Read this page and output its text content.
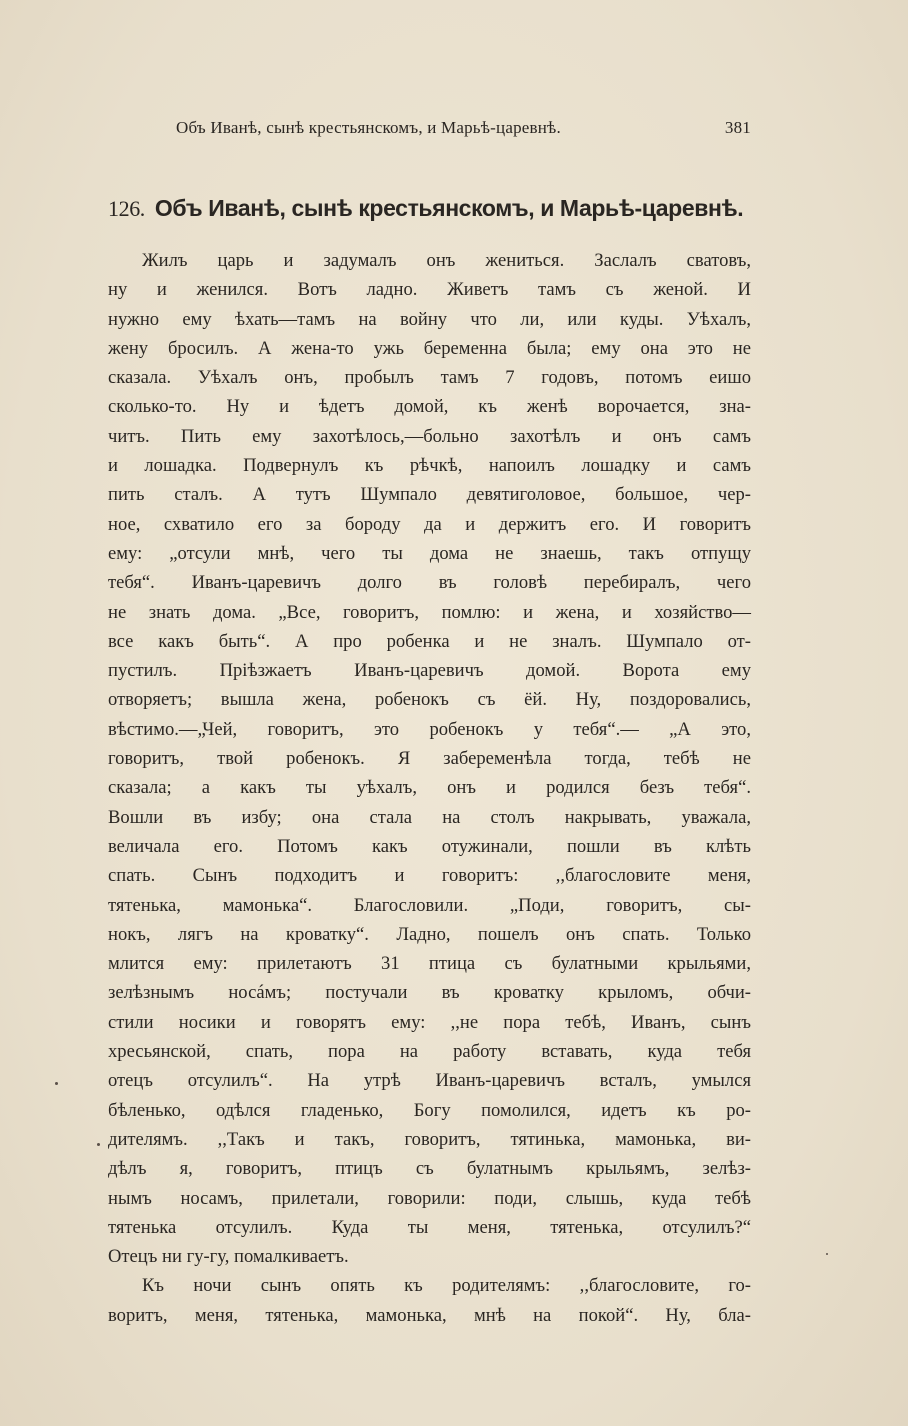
Объ Иванѣ, сынѣ крестьянскомъ, и Марьѣ-царевнѣ.	381
126. Объ Иванѣ, сынѣ крестьянскомъ, и Марьѣ-царевнѣ.
Жилъ царь и задумалъ онъ жениться. Заслалъ сватовъ,
ну и женился. Вотъ ладно. Живетъ тамъ съ женой. И
нужно ему ѣхать—тамъ на войну что ли, или куды. Уѣхалъ,
жену бросилъ. А жена-то ужь беременна была; ему она это не
сказала. Уѣхалъ онъ, пробылъ тамъ 7 годовъ, потомъ еишо
сколько-то. Ну и ѣдетъ домой, къ женѣ ворочается, зна-
читъ. Пить ему захотѣлось,—больно захотѣлъ и онъ самъ
и лошадка. Подвернулъ къ рѣчкѣ, напоилъ лошадку и самъ
пить сталъ. А тутъ Шумпало девятиголовое, большое, чер-
ное, схватило его за бороду да и держитъ его. И говоритъ
ему: „отсули мнѣ, чего ты дома не знаешь, такъ отпущу
тебя“. Иванъ-царевичъ долго въ головѣ перебиралъ, чего
не знать дома. „Все, говоритъ, помлю: и жена, и хозяйство—
все какъ быть“. А про робенка и не зналъ. Шумпало от-
пустилъ. Пріѣзжаетъ Иванъ-царевичъ домой. Ворота ему
отворяетъ; вышла жена, робенокъ съ ёй. Ну, поздоровались,
вѣстимо.—„Чей, говоритъ, это робенокъ у тебя“.— „А это,
говоритъ, твой робенокъ. Я забеременѣла тогда, тебѣ не
сказала; а какъ ты уѣхалъ, онъ и родился безъ тебя“.
Вошли въ избу; она стала на столъ накрывать, уважала,
величала его. Потомъ какъ отужинали, пошли въ клѣть
спать. Сынъ подходитъ и говоритъ: ,,благословите меня,
тятенька, мамонька“. Благословили. „Поди, говоритъ, сы-
нокъ, лягъ на кроватку“. Ладно, пошелъ онъ спать. Только
млится ему: прилетаютъ 31 птица съ булатными крыльями,
зелѣзнымъ носáмъ; постучали въ кроватку крыломъ, обчи-
стили носики и говорятъ ему: ,,не пора тебѣ, Иванъ, сынъ
хресьянской, спать, пора на работу вставать, куда тебя
отецъ отсулилъ“. На утрѣ Иванъ-царевичъ всталъ, умылся
бѣленько, одѣлся гладенько, Богу помолился, идетъ къ ро-
дителямъ. ,,Такъ и такъ, говоритъ, тятинька, мамонька, ви-
дѣлъ я, говоритъ, птицъ съ булатнымъ крыльямъ, зелѣз-
нымъ носамъ, прилетали, говорили: поди, слышь, куда тебѣ
тятенька отсулилъ. Куда ты меня, тятенька, отсулилъ?“
Отецъ ни гу-гу, помалкиваетъ.
Къ ночи сынъ опять къ родителямъ: ,,благословите, го-
воритъ, меня, тятенька, мамонька, мнѣ на покой“. Ну, бла-
